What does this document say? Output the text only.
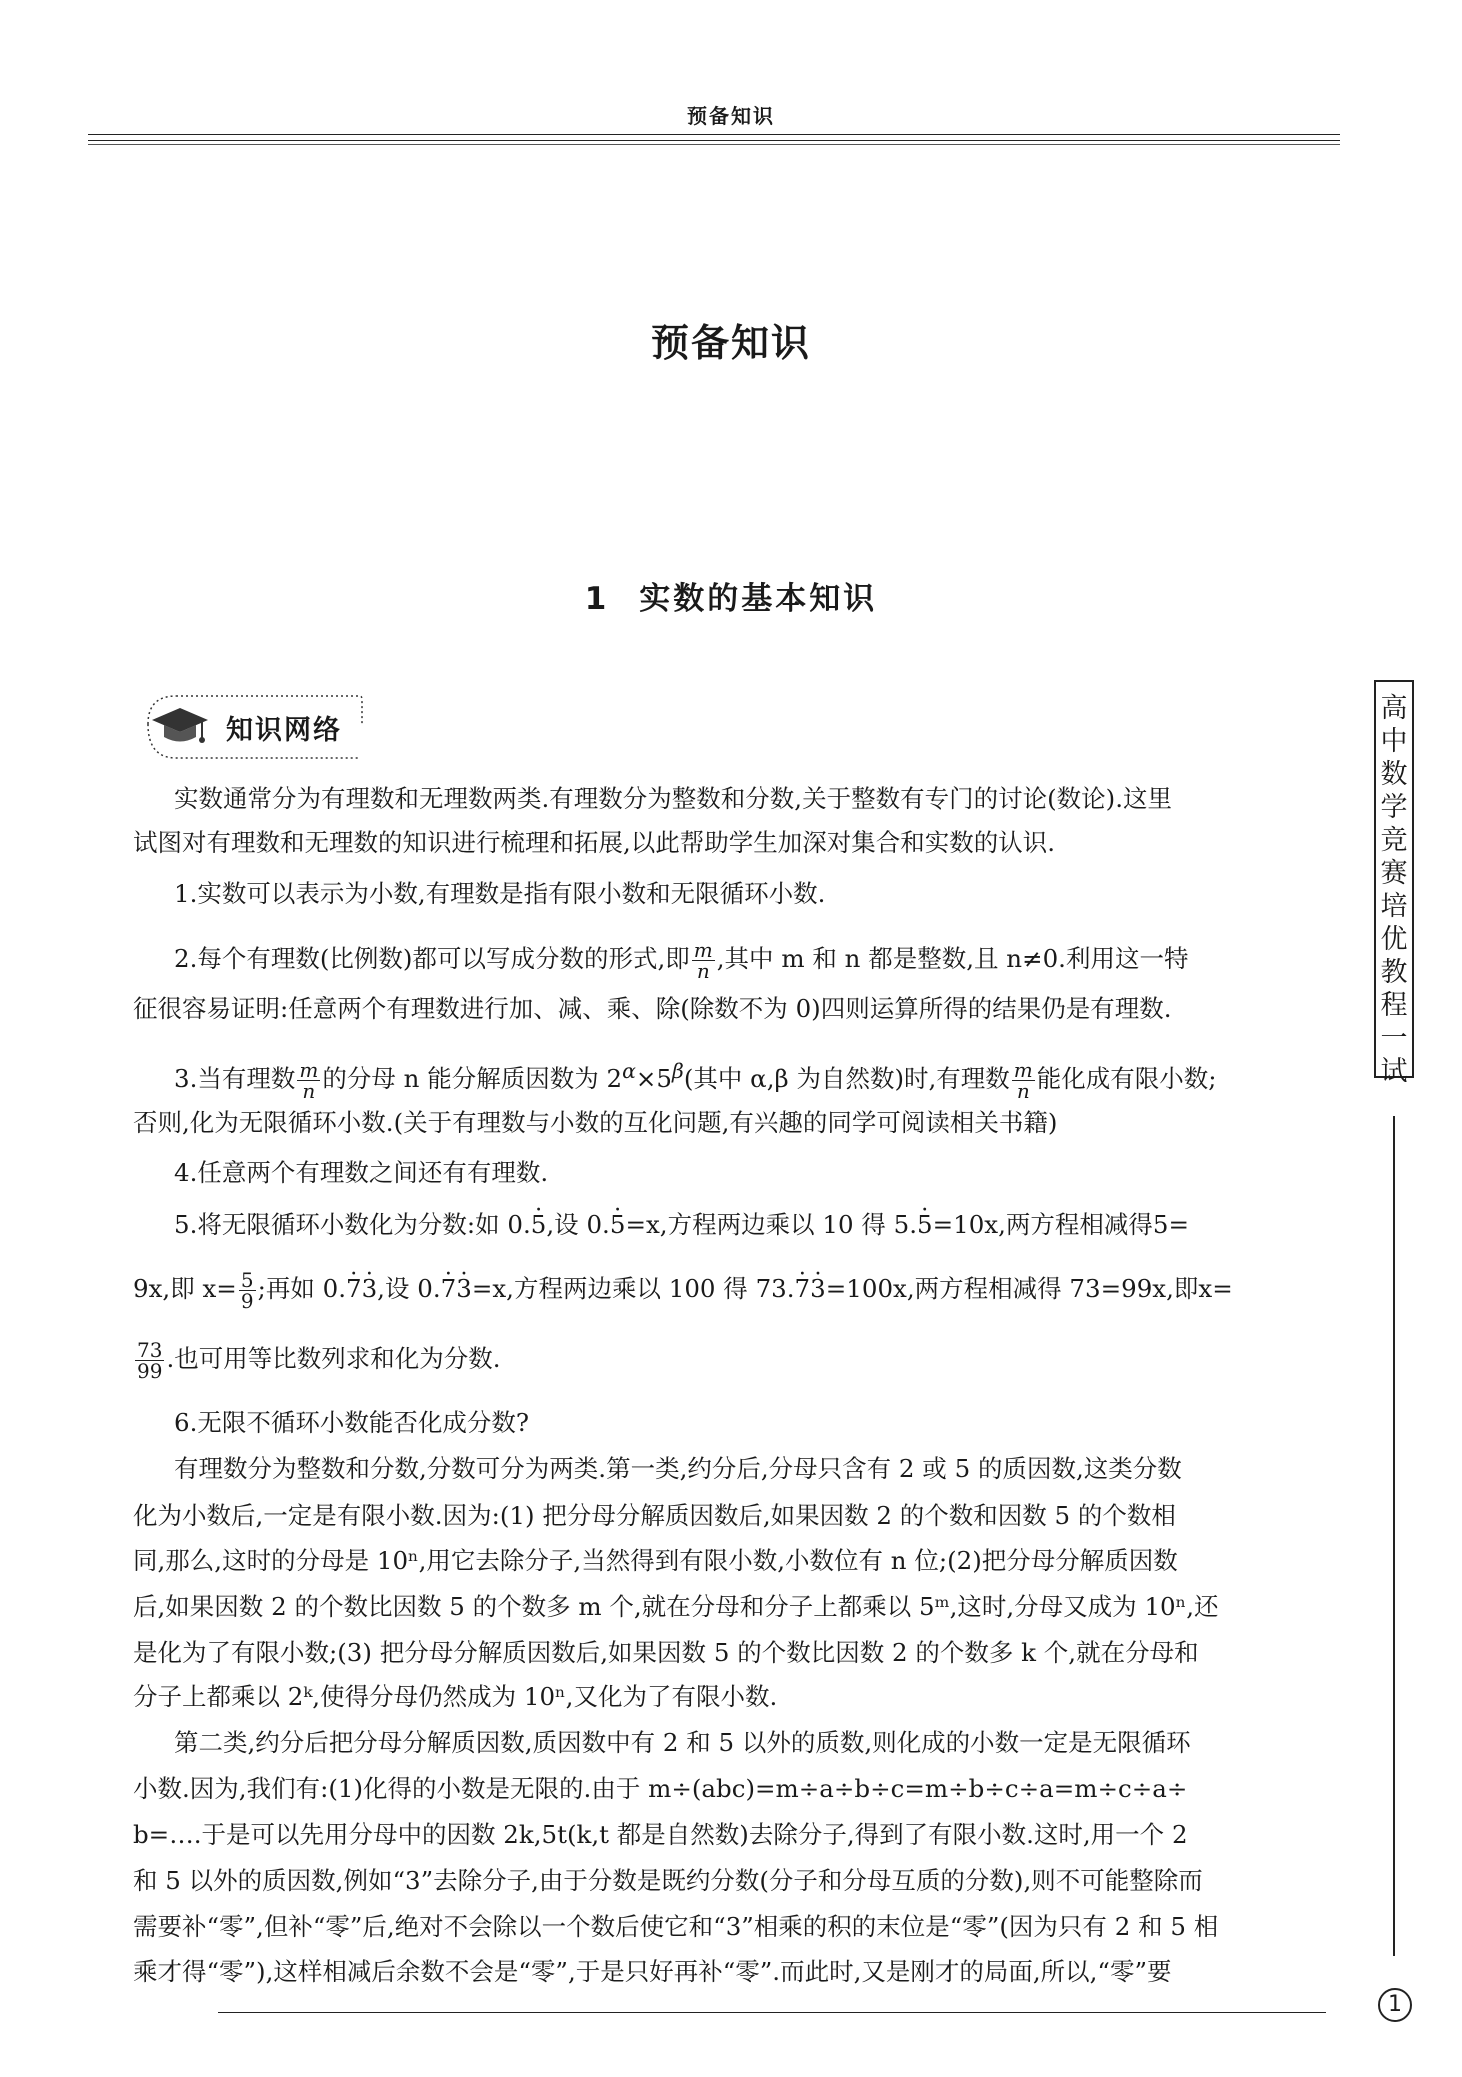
预备知识
预备知识
1 实数的基本知识
知识网络
高
中
数
学
竞
赛
培
优
教
程
一
试
实数通常分为有理数和无理数两类.有理数分为整数和分数,关于整数有专门的讨论(数论).这里
试图对有理数和无理数的知识进行梳理和拓展,以此帮助学生加深对集合和实数的认识.
1.实数可以表示为小数,有理数是指有限小数和无限循环小数.
2.每个有理数(比例数)都可以写成分数的形式,即 $\frac{m}{n}$ ,其中 m 和 n 都是整数,且 n≠0.利用这一特
征很容易证明:任意两个有理数进行加、减、乘、除(除数不为 0)四则运算所得的结果仍是有理数.
3.当有理数 $\frac{m}{n}$ 的分母 n 能分解质因数为 $2^\alpha\times 5^\beta$(其中 α,β 为自然数)时,有理数 $\frac{m}{n}$ 能化成有限小数;
否则,化为无限循环小数.(关于有理数与小数的互化问题,有兴趣的同学可阅读相关书籍)
4.任意两个有理数之间还有有理数.
5.将无限循环小数化为分数:如 0.· 5,设 0.· 5=x,方程两边乘以 10 得 5.· 5=10x,两方程相减得5=
9x,即 $x= \frac{5}{9}$ ;再如 0.· 7· 3,设 0.· 7· 3=x,方程两边乘以 100 得 73.· 7· 3=100x,两方程相减得 73=99x,即x=
$\frac{73}{99}$ .也可用等比数列求和化为分数.
6.无限不循环小数能否化成分数?
有理数分为整数和分数,分数可分为两类.第一类,约分后,分母只含有 2 或 5 的质因数,这类分数
化为小数后,一定是有限小数.因为:(1) 把分母分解质因数后,如果因数 2 的个数和因数 5 的个数相
同,那么,这时的分母是 10ⁿ,用它去除分子,当然得到有限小数,小数位有 n 位;(2)把分母分解质因数
后,如果因数 2 的个数比因数 5 的个数多 m 个,就在分母和分子上都乘以 5ᵐ,这时,分母又成为 10ⁿ,还
是化为了有限小数;(3) 把分母分解质因数后,如果因数 5 的个数比因数 2 的个数多 k 个,就在分母和
分子上都乘以 2ᵏ,使得分母仍然成为 10ⁿ,又化为了有限小数.
第二类,约分后把分母分解质因数,质因数中有 2 和 5 以外的质数,则化成的小数一定是无限循环
小数.因为,我们有:(1)化得的小数是无限的.由于 m÷(abc)=m÷a÷b÷c=m÷b÷c÷a=m÷c÷a÷
b=….于是可以先用分母中的因数 2k,5t(k,t 都是自然数)去除分子,得到了有限小数.这时,用一个 2
和 5 以外的质因数,例如“3”去除分子,由于分数是既约分数(分子和分母互质的分数),则不可能整除而
需要补“零”,但补“零”后,绝对不会除以一个数后使它和“3”相乘的积的末位是“零”(因为只有 2 和 5 相
乘才得“零”),这样相减后余数不会是“零”,于是只好再补“零”.而此时,又是刚才的局面,所以,“零”要
1
